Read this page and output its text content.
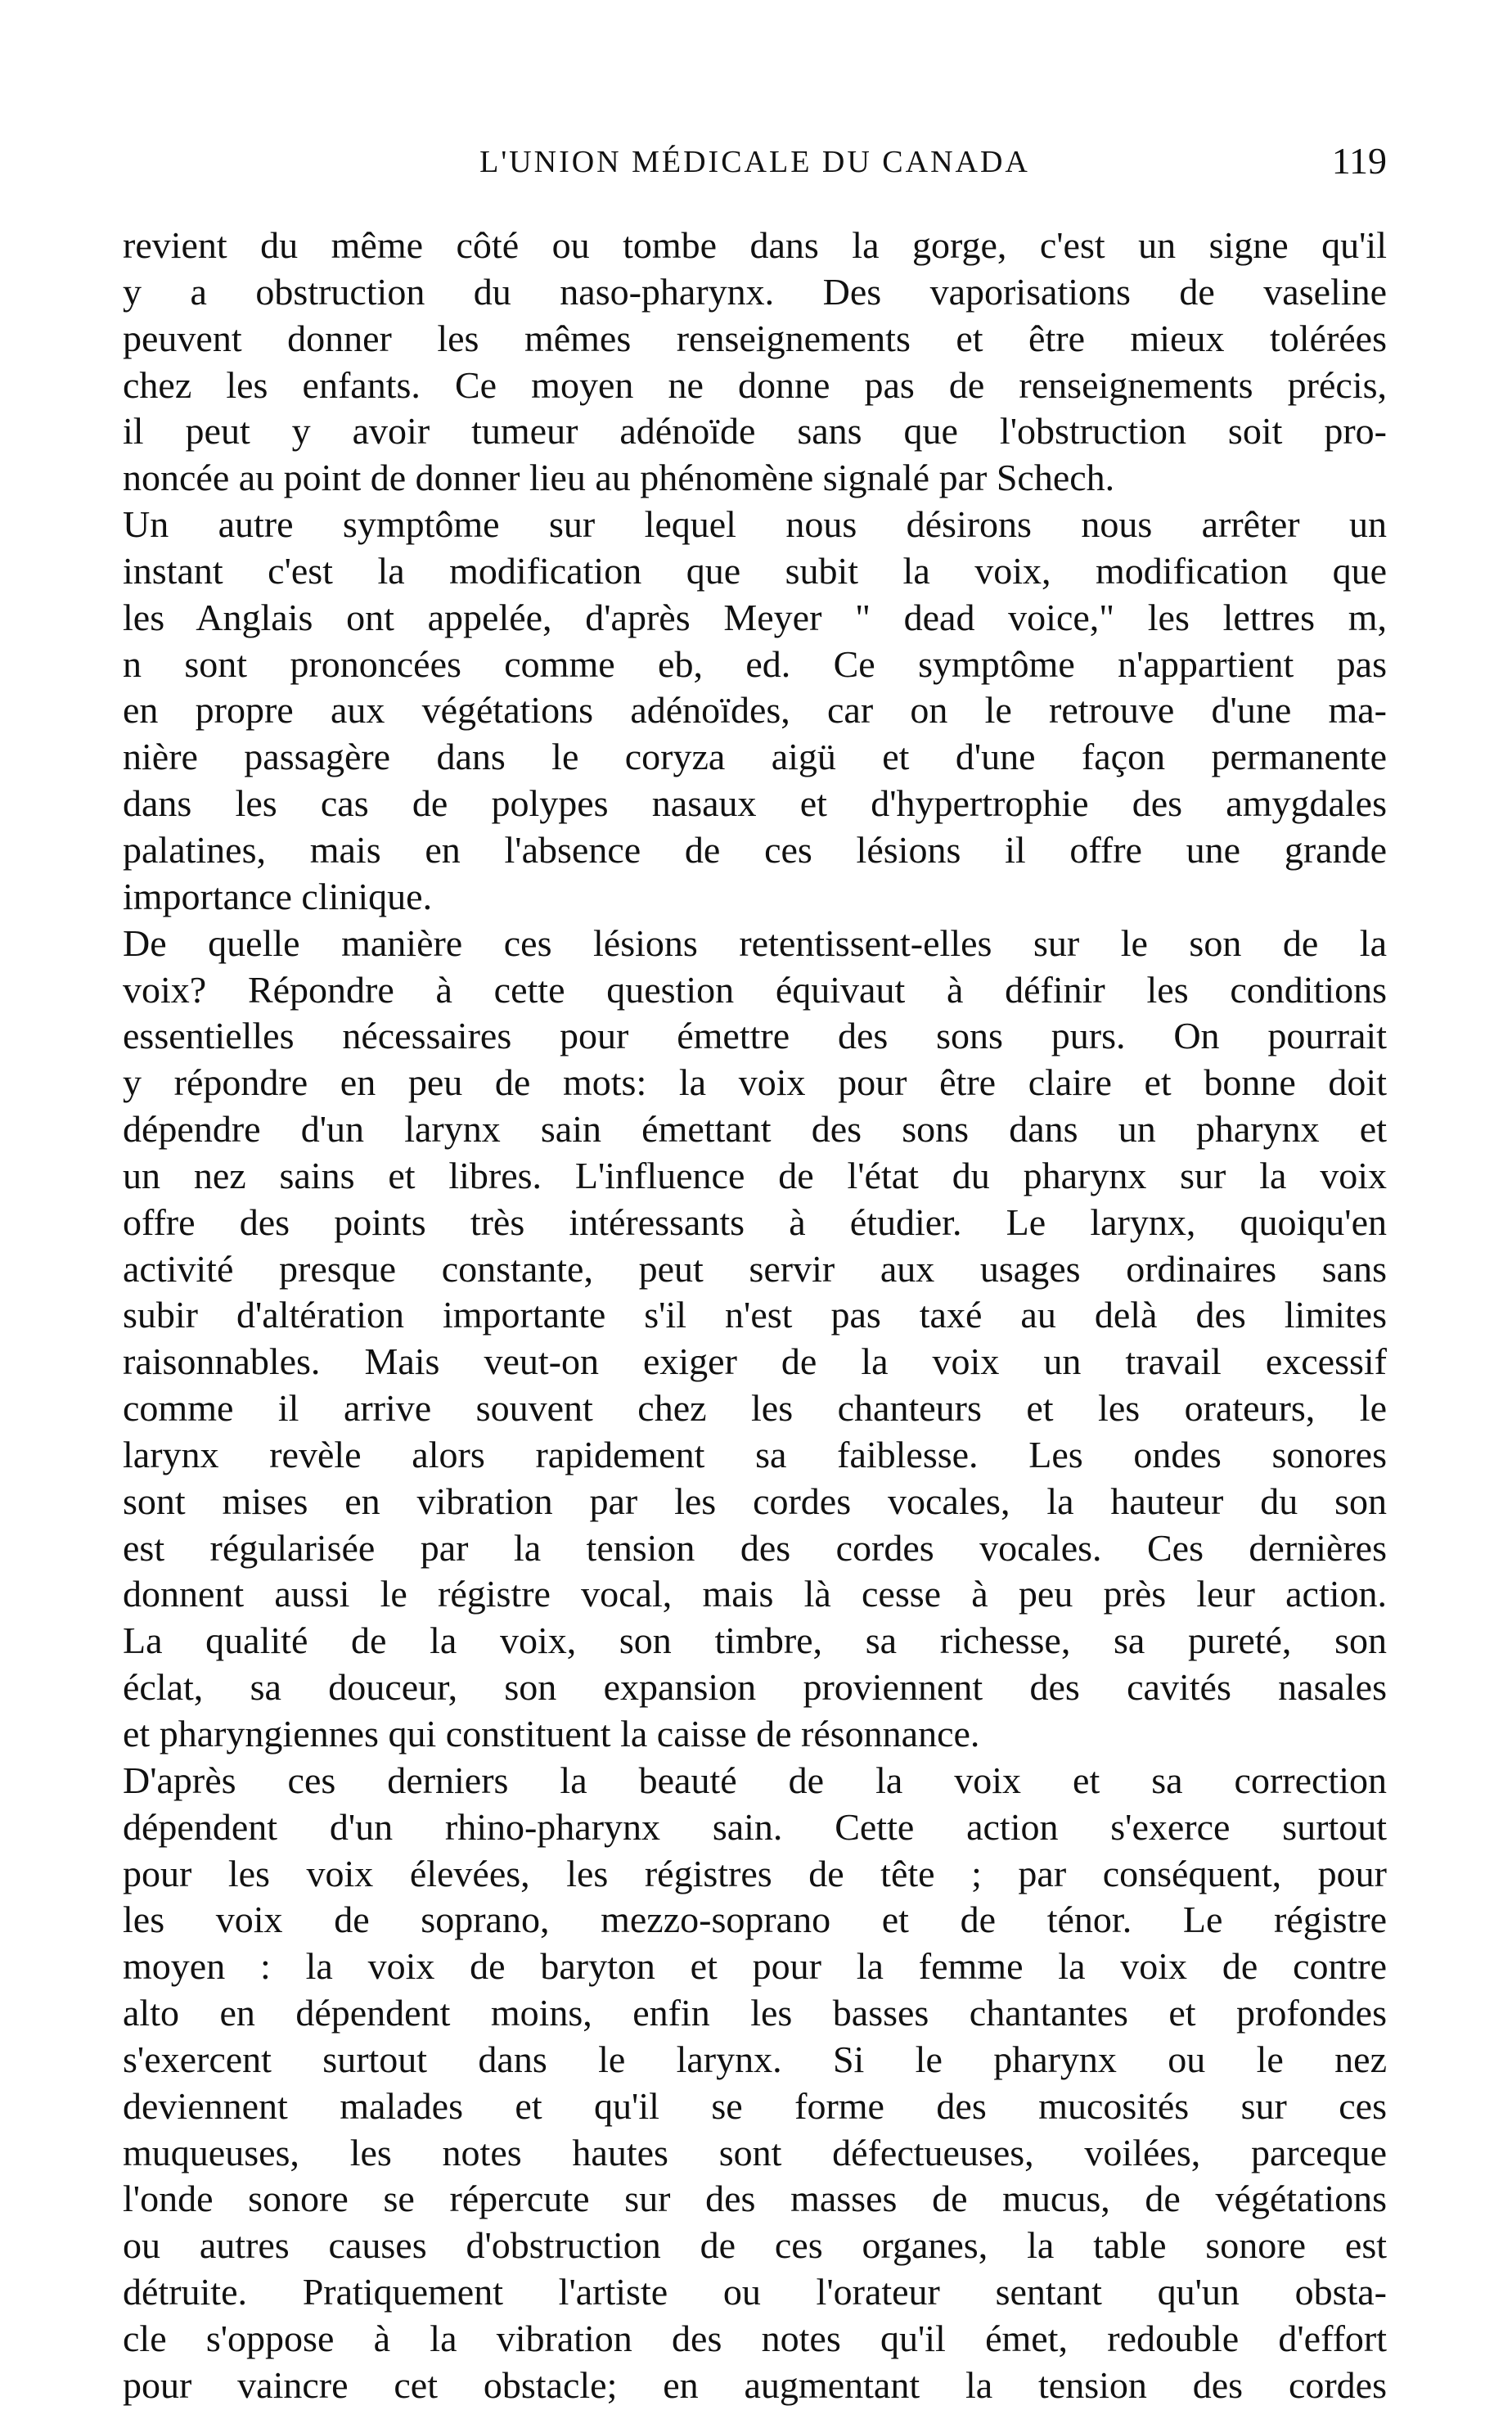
L'UNION MÉDICALE DU CANADA	119
revient du même côté ou tombe dans la gorge, c'est un signe qu'il
y a obstruction du naso-pharynx. Des vaporisations de vaseline
peuvent donner les mêmes renseignements et être mieux tolérées
chez les enfants. Ce moyen ne donne pas de renseignements précis,
il peut y avoir tumeur adénoïde sans que l'obstruction soit pro-
noncée au point de donner lieu au phénomène signalé par Schech.
Un autre symptôme sur lequel nous désirons nous arrêter un
instant c'est la modification que subit la voix, modification que
les Anglais ont appelée, d'après Meyer " dead voice," les lettres m,
n sont prononcées comme eb, ed. Ce symptôme n'appartient pas
en propre aux végétations adénoïdes, car on le retrouve d'une ma-
nière passagère dans le coryza aigü et d'une façon permanente
dans les cas de polypes nasaux et d'hypertrophie des amygdales
palatines, mais en l'absence de ces lésions il offre une grande
importance clinique.
De quelle manière ces lésions retentissent-elles sur le son de la
voix? Répondre à cette question équivaut à définir les conditions
essentielles nécessaires pour émettre des sons purs. On pourrait
y répondre en peu de mots: la voix pour être claire et bonne doit
dépendre d'un larynx sain émettant des sons dans un pharynx et
un nez sains et libres. L'influence de l'état du pharynx sur la voix
offre des points très intéressants à étudier. Le larynx, quoiqu'en
activité presque constante, peut servir aux usages ordinaires sans
subir d'altération importante s'il n'est pas taxé au delà des limites
raisonnables. Mais veut-on exiger de la voix un travail excessif
comme il arrive souvent chez les chanteurs et les orateurs, le
larynx revèle alors rapidement sa faiblesse. Les ondes sonores
sont mises en vibration par les cordes vocales, la hauteur du son
est régularisée par la tension des cordes vocales. Ces dernières
donnent aussi le régistre vocal, mais là cesse à peu près leur action.
La qualité de la voix, son timbre, sa richesse, sa pureté, son
éclat, sa douceur, son expansion proviennent des cavités nasales
et pharyngiennes qui constituent la caisse de résonnance.
D'après ces derniers la beauté de la voix et sa correction
dépendent d'un rhino-pharynx sain. Cette action s'exerce surtout
pour les voix élevées, les régistres de tête ; par conséquent, pour
les voix de soprano, mezzo-soprano et de ténor. Le régistre
moyen : la voix de baryton et pour la femme la voix de contre
alto en dépendent moins, enfin les basses chantantes et profondes
s'exercent surtout dans le larynx. Si le pharynx ou le nez
deviennent malades et qu'il se forme des mucosités sur ces
muqueuses, les notes hautes sont défectueuses, voilées, parceque
l'onde sonore se répercute sur des masses de mucus, de végétations
ou autres causes d'obstruction de ces organes, la table sonore est
détruite. Pratiquement l'artiste ou l'orateur sentant qu'un obsta-
cle s'oppose à la vibration des notes qu'il émet, redouble d'effort
pour vaincre cet obstacle; en augmentant la tension des cordes
